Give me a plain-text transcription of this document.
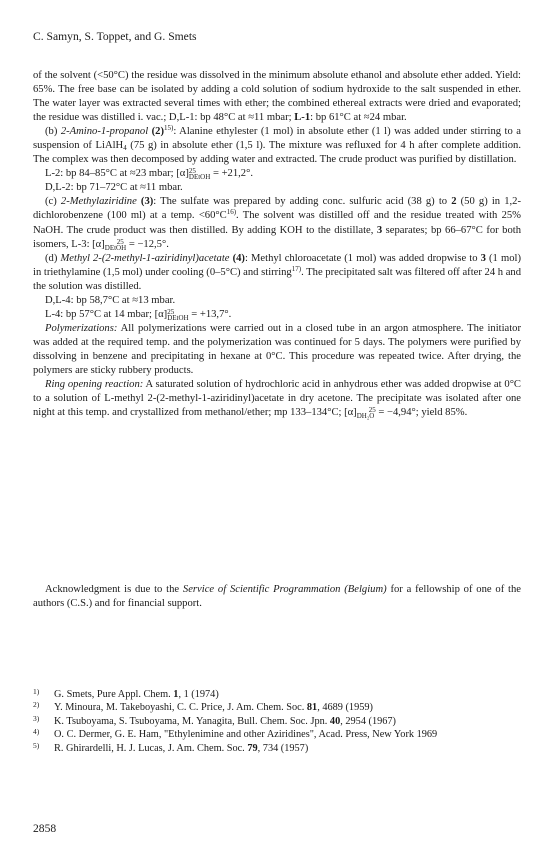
C. Samyn, S. Toppet, and G. Smets

of the solvent (<50°C) the residue was dissolved in the minimum absolute ethanol and absolute ether added. Yield: 65%. The free base can be isolated by adding a cold solution of sodium hydroxide to the salt suspended in ether. The water layer was extracted several times with ether; the combined ethereal extracts were dried and evaporated; the residue was distilled i. vac.; D,L-1: bp 48°C at ≈11 mbar; L-1: bp 61°C at ≈24 mbar.

(b) 2-Amino-1-propanol $(2)^{15)}$: Alanine ethylester (1 mol) in absolute ether (1 l) was added under stirring to a suspension of LiAlH$_4$ (75 g) in absolute ether (1,5 l). The mixture was refluxed for 4 h after complete addition. The complex was then decomposed by adding water and extracted. The crude product was purified by distillation.

L-2: bp 84–85°C at ≈23 mbar; [α]25
DEtOH = +21,2°.

D,L-2: bp 71–72°C at ≈11 mbar.

(c) 2-Methylaziridine (3): The sulfate was prepared by adding conc. sulfuric acid (38 g) to 2 (50 g) in 1,2-dichlorobenzene (100 ml) at a temp. $<60^\circ C^{16)}$. The solvent was distilled off and the residue treated with 25% NaOH. The crude product was then distilled. By adding KOH to the distillate, 3 separates; bp 66–67°C for both isomers, L-3: [α] 25
DEtOH = −12,5°.

(d) Methyl 2-(2-methyl-1-aziridinyl)acetate (4): Methyl chloroacetate (1 mol) was added dropwise to 3 (1 mol) in triethylamine (1,5 mol) under cooling (0–5°C) and stirring$^{17)}$. The precipitated salt was filtered off after 24 h and the solution was distilled.

D,L-4: bp 58,7°C at ≈13 mbar.

L-4: bp 57°C at 14 mbar; [α]25
DEtOH = +13,7°.

Polymerizations: All polymerizations were carried out in a closed tube in an argon atmosphere. The initiator was added at the required temp. and the polymerization was continued for 5 days. The polymers were purified by dissolving in benzene and precipitating in hexane at 0°C. This procedure was repeated twice. After drying, the polymers are sticky rubbery products.

Ring opening reaction: A saturated solution of hydrochloric acid in anhydrous ether was added dropwise at 0°C to a solution of L-methyl 2-(2-methyl-1-aziridinyl)acetate in dry acetone. The precipitate was isolated after one night at this temp. and crystallized from methanol/ether; mp 133–134°C; [α] 25
DH₂O = −4,94°; yield 85%.

Acknowledgment is due to the Service of Scientific Programmation (Belgium) for a fellowship of one of the authors (C.S.) and for financial support.

1) G. Smets, Pure Appl. Chem. 1, 1 (1974)
2) Y. Minoura, M. Takeboyashi, C. C. Price, J. Am. Chem. Soc. 81, 4689 (1959)
3) K. Tsuboyama, S. Tsuboyama, M. Yanagita, Bull. Chem. Soc. Jpn. 40, 2954 (1967)
4) O. C. Dermer, G. E. Ham, "Ethylenimine and other Aziridines", Acad. Press, New York 1969
5) R. Ghirardelli, H. J. Lucas, J. Am. Chem. Soc. 79, 734 (1957)
2858
